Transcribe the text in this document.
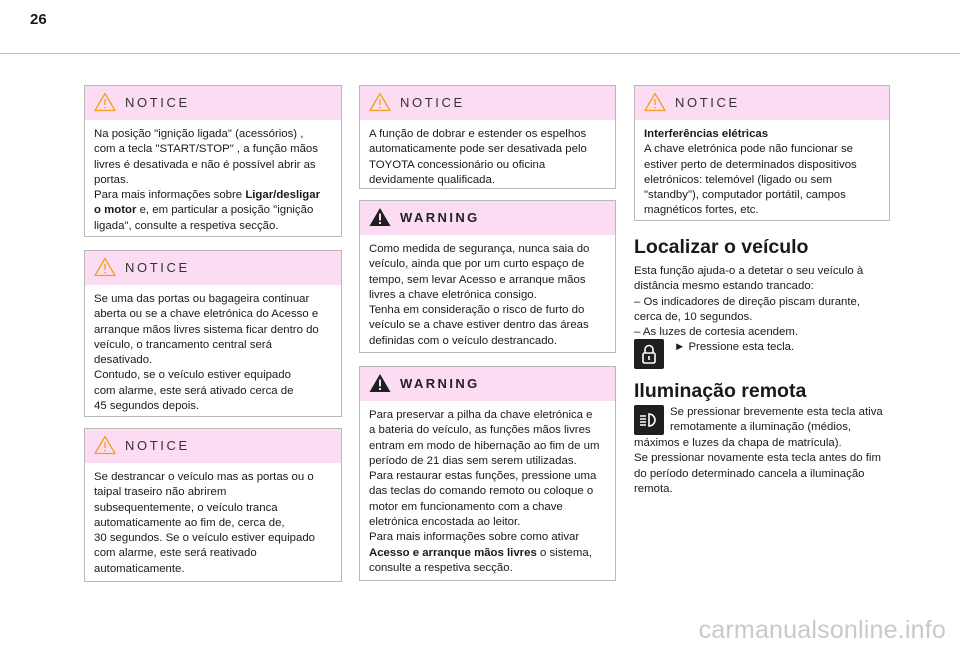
26
NOTICE

Na posição "ignição ligada" (acessórios) ,

com a tecla "START/STOP" , a função mãos

livres é desativada e não é possível abrir as

portas.

Para mais informações sobre Ligar/desligar

o motor e, em particular a posição "ignição

ligada", consulte a respetiva secção.

NOTICE

Se uma das portas ou bagageira continuar

aberta ou se a chave eletrónica do Acesso e

arranque mãos livres sistema ficar dentro do

veículo, o trancamento central será

desativado.

Contudo, se o veículo estiver equipado

com alarme, este será ativado cerca de

45 segundos depois.

NOTICE

Se destrancar o veículo mas as portas ou o

taipal traseiro não abrirem

subsequentemente, o veículo tranca

automaticamente ao fim de, cerca de,

30 segundos. Se o veículo estiver equipado

com alarme, este será reativado

automaticamente.

NOTICE

A função de dobrar e estender os espelhos

automaticamente pode ser desativada pelo

TOYOTA concessionário ou oficina

devidamente qualificada.

WARNING

Como medida de segurança, nunca saia do

veículo, ainda que por um curto espaço de

tempo, sem levar Acesso e arranque mãos

livres a chave eletrónica consigo.

Tenha em consideração o risco de furto do

veículo se a chave estiver dentro das áreas

definidas com o veículo destrancado.

WARNING

Para preservar a pilha da chave eletrónica e

a bateria do veículo, as funções mãos livres

entram em modo de hibernação ao fim de um

período de 21 dias sem serem utilizadas.

Para restaurar estas funções, pressione uma

das teclas do comando remoto ou coloque o

motor em funcionamento com a chave

eletrónica encostada ao leitor.

Para mais informações sobre como ativar

Acesso e arranque mãos livres o sistema,

consulte a respetiva secção.

NOTICE

Interferências elétricas

A chave eletrónica pode não funcionar se

estiver perto de determinados dispositivos

eletrónicos: telemóvel (ligado ou sem

"standby"), computador portátil, campos

magnéticos fortes, etc.

Localizar o veículo

Esta função ajuda-o a detetar o seu veículo à

distância mesmo estando trancado:

– Os indicadores de direção piscam durante,

cerca de, 10 segundos.

– As luzes de cortesia acendem.

► Pressione esta tecla.
Iluminação remota

Se pressionar brevemente esta tecla ativa

remotamente a iluminação (médios,

máximos e luzes da chapa de matrícula).

Se pressionar novamente esta tecla antes do fim

do período determinado cancela a iluminação

remota.

carmanualsonline.info
